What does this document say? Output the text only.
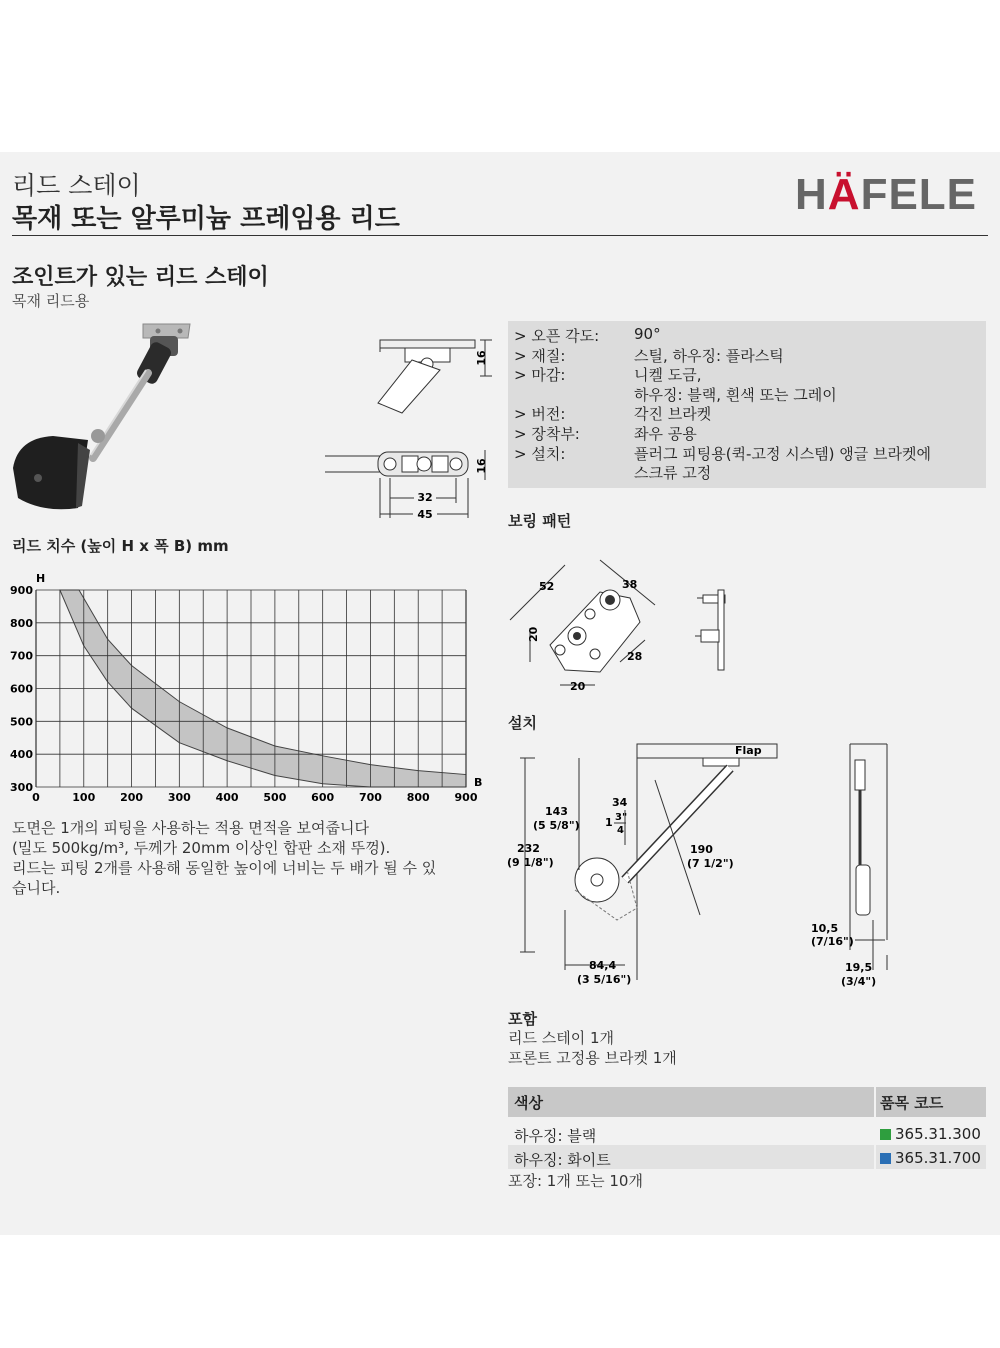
리드 스테이
목재 또는 알루미늄 프레임용 리드	HÄFELE
조인트가 있는 리드 스테이
목재 리드용
16
16
32
45
> 오픈 각도: 90°
> 재질:	스틸, 하우징: 플라스틱
> 마감:	니켈 도금,
하우징: 블랙, 흰색 또는 그레이
> 버전:	각진 브라켓
> 장착부:	좌우 공용
> 설치:	플러그 피팅용(퀵-고정 시스템) 앵글 브라켓에
스크류 고정
리드 치수 (높이 H x 폭 B) mm
0	100 200 300 400 500 600 700 800 900
300
400
500
600
700
800
900
H
B
도면은 1개의 피팅을 사용하는 적용 면적을 보여줍니다
(밀도 500kg/m³, 두께가 20mm 이상인 합판 소재 뚜껑).
리드는 피팅 2개를 사용해 동일한 높이에 너비는 두 배가 될 수 있
습니다.
보링 패턴
52	38
20
28
20
설치
Flap
143
(5 5/8")
34
1 3"
4
232
(9 1/8")
190
(7 1/2")
84,4
(3 5/16")
10,5
(7/16")
19,5
(3/4")
포함
리드 스테이 1개
프론트 고정용 브라켓 1개
색상	품목 코드
하우징: 블랙	365.31.300
하우징: 화이트	365.31.700
포장: 1개 또는 10개
